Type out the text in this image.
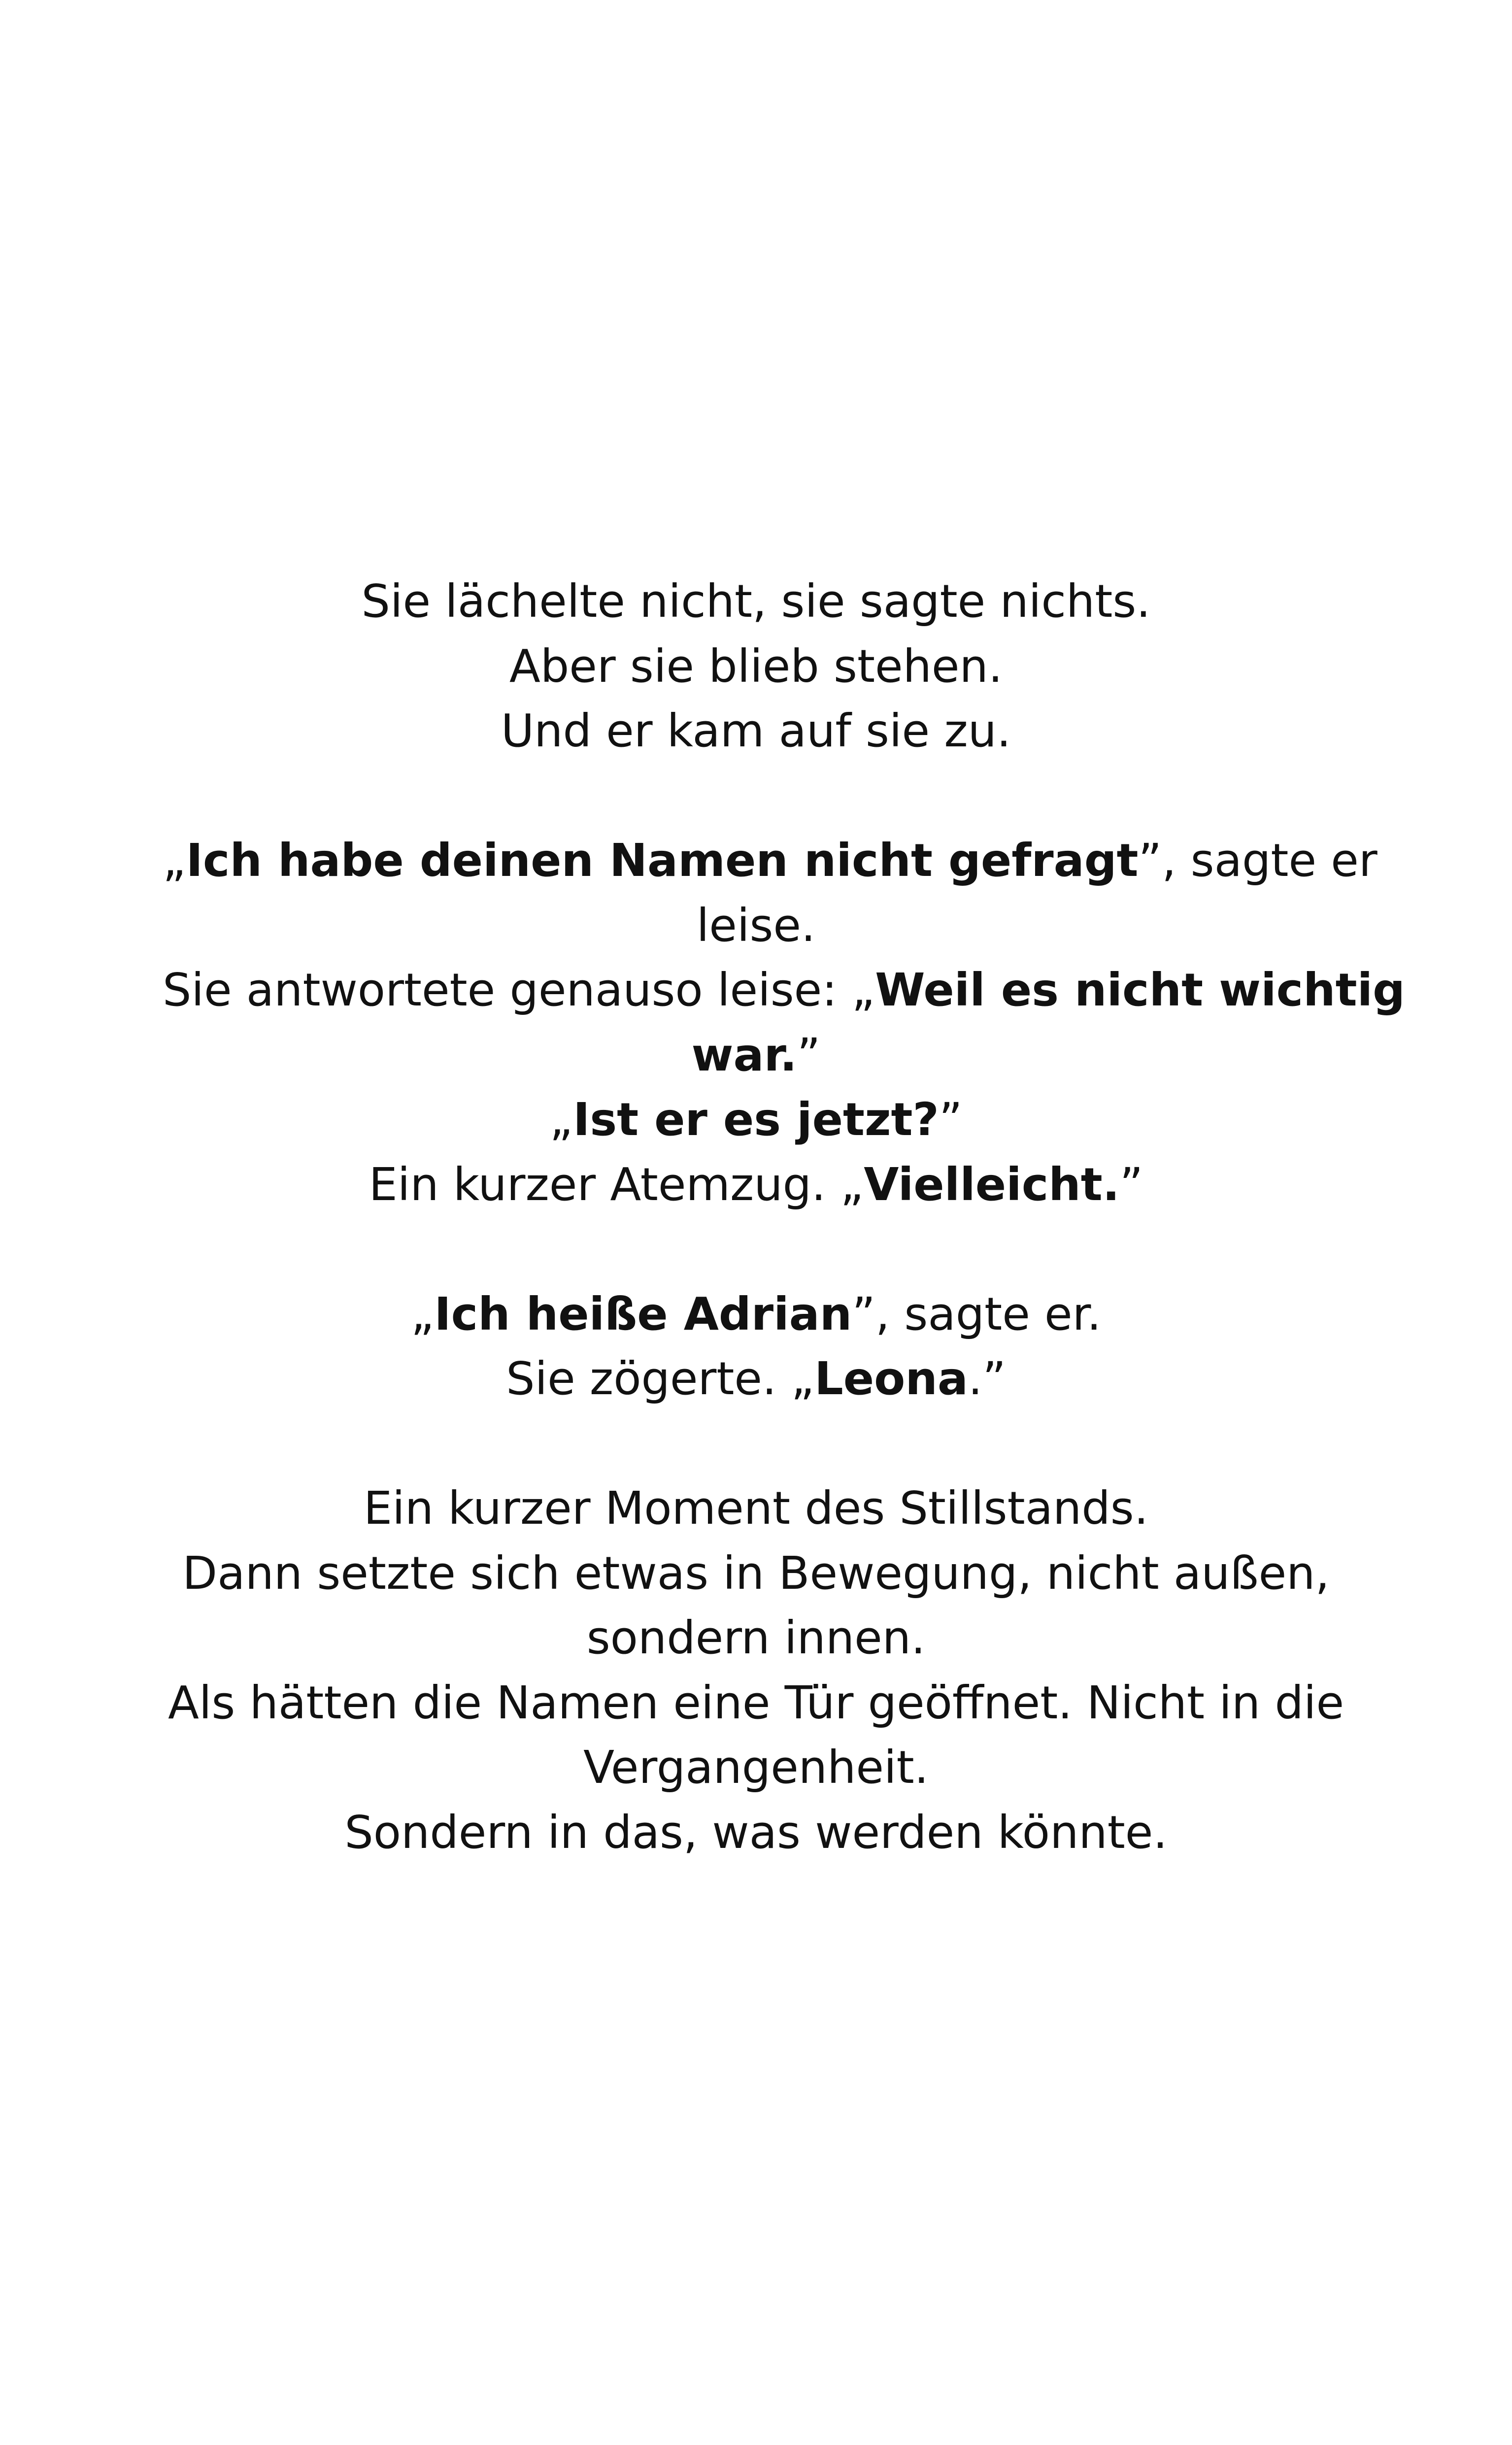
Sie lächelte nicht, sie sagte nichts.
Aber sie blieb stehen.
Und er kam auf sie zu.
„Ich habe deinen Namen nicht gefragt”, sagte er
leise.
Sie antwortete genauso leise: „Weil es nicht wichtig
war.”
„Ist er es jetzt?”
Ein kurzer Atemzug. „Vielleicht.”
„Ich heiße Adrian”, sagte er.
Sie zögerte. „Leona.”
Ein kurzer Moment des Stillstands.
Dann setzte sich etwas in Bewegung, nicht außen,
sondern innen.
Als hätten die Namen eine Tür geöffnet. Nicht in die
Vergangenheit.
Sondern in das, was werden könnte.
